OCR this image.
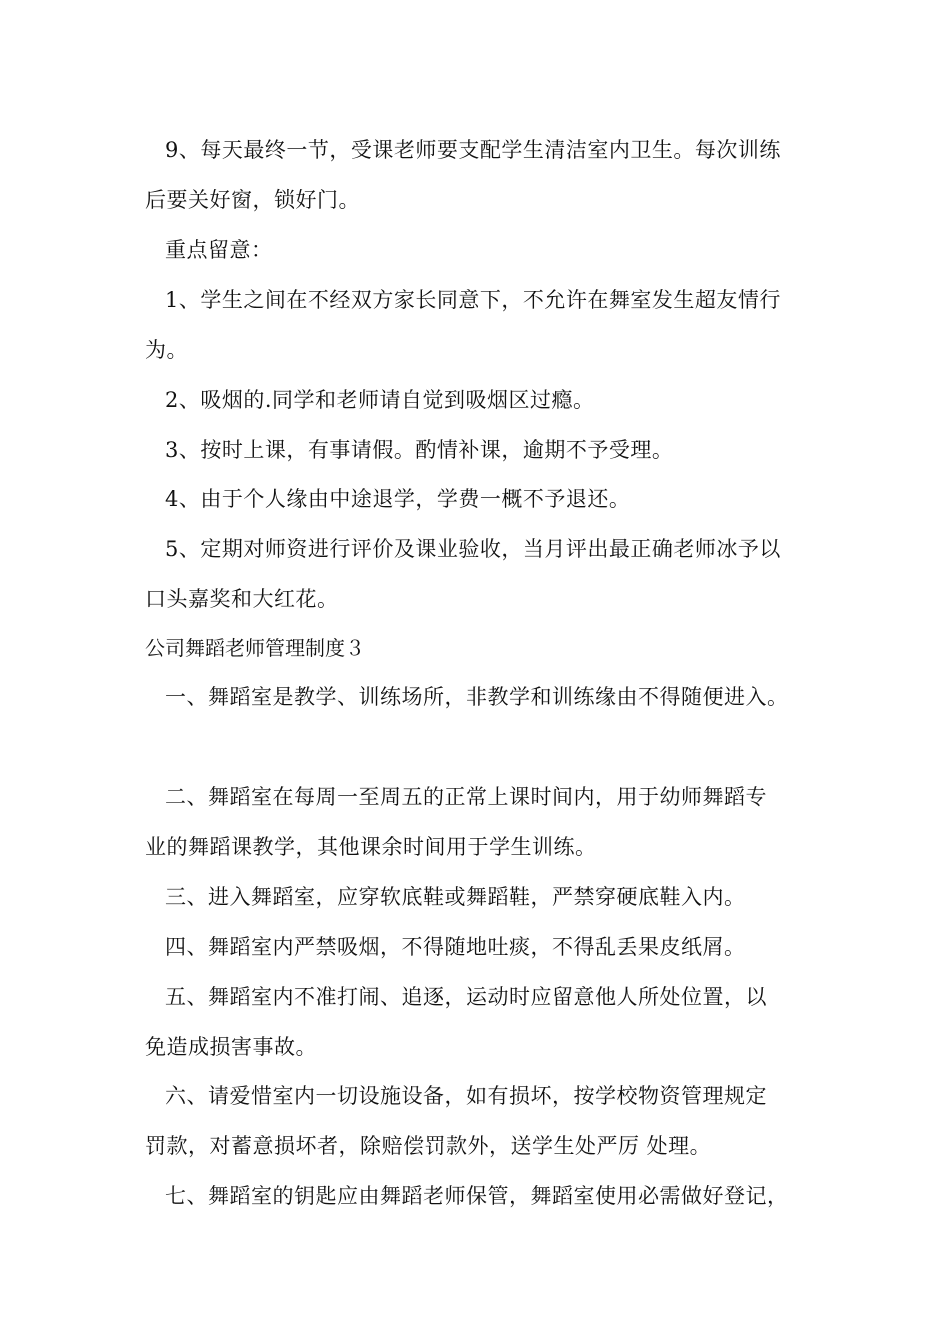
9、每天最终一节，受课老师要支配学生清洁室内卫生。每次训练
后要关好窗，锁好门。
重点留意：
1、学生之间在不经双方家长同意下，不允许在舞室发生超友情行
为。
2、吸烟的.同学和老师请自觉到吸烟区过瘾。
3、按时上课，有事请假。酌情补课，逾期不予受理。
4、由于个人缘由中途退学，学费一概不予退还。
5、定期对师资进行评价及课业验收，当月评出最正确老师冰予以
口头嘉奖和大红花。
公司舞蹈老师管理制度３
一、舞蹈室是教学、训练场所，非教学和训练缘由不得随便进入。
二、舞蹈室在每周一至周五的正常上课时间内，用于幼师舞蹈专
业的舞蹈课教学，其他课余时间用于学生训练。
三、进入舞蹈室，应穿软底鞋或舞蹈鞋，严禁穿硬底鞋入内。
四、舞蹈室内严禁吸烟，不得随地吐痰，不得乱丢果皮纸屑。
五、舞蹈室内不准打闹、追逐，运动时应留意他人所处位置，以
免造成损害事故。
六、请爱惜室内一切设施设备，如有损坏，按学校物资管理规定
罚款，对蓄意损坏者，除赔偿罚款外，送学生处严厉 处理。
七、舞蹈室的钥匙应由舞蹈老师保管，舞蹈室使用必需做好登记，
